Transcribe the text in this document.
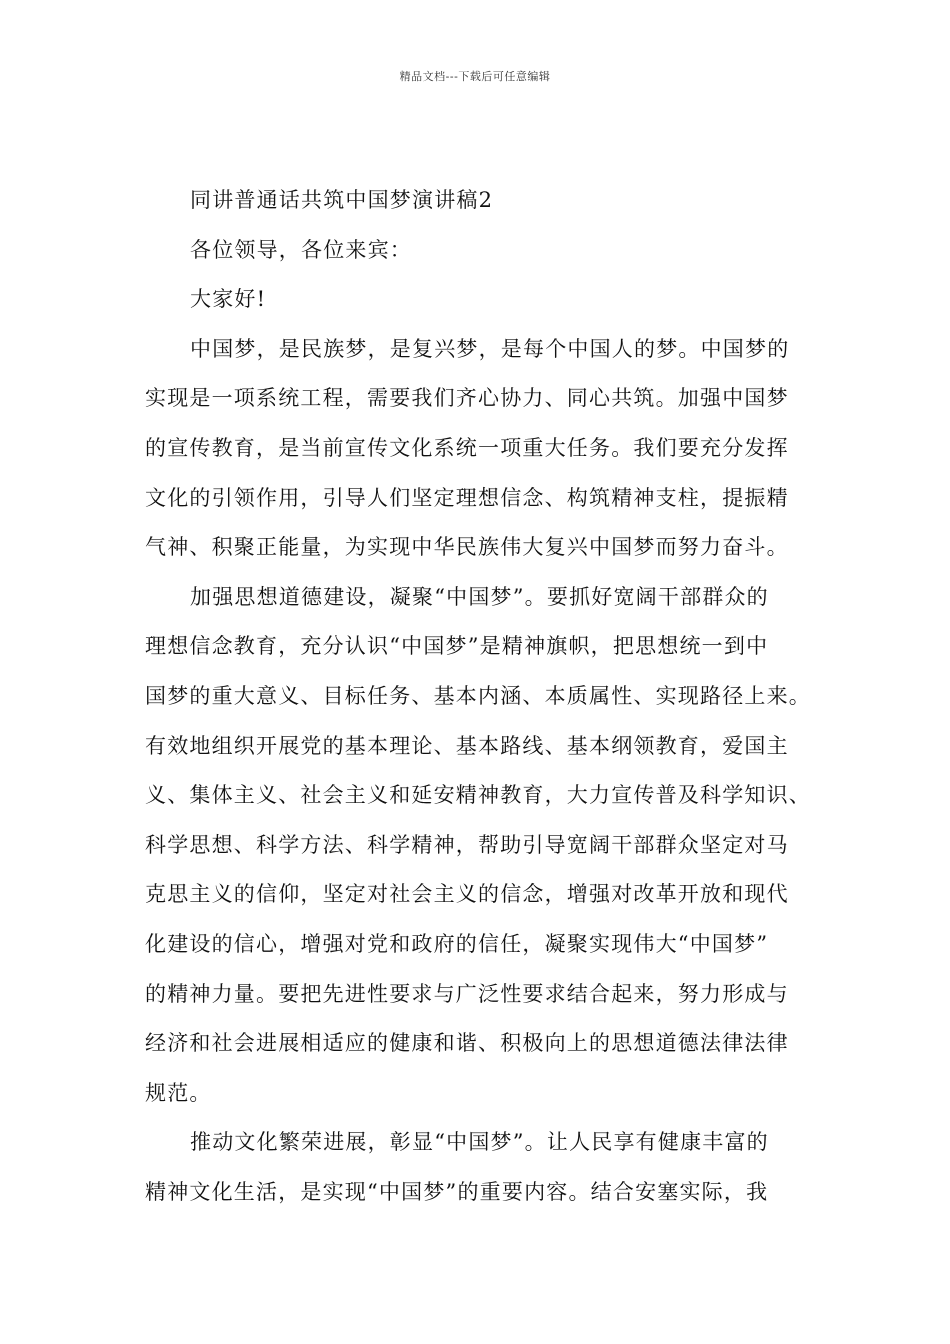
精品文档---下载后可任意编辑
同讲普通话共筑中国梦演讲稿2
各位领导，各位来宾：
大家好!
中国梦，是民族梦，是复兴梦，是每个中国人的梦。中国梦的
实现是一项系统工程，需要我们齐心协力、同心共筑。加强中国梦
的宣传教育，是当前宣传文化系统一项重大任务。我们要充分发挥
文化的引领作用，引导人们坚定理想信念、构筑精神支柱，提振精
气神、积聚正能量，为实现中华民族伟大复兴中国梦而努力奋斗。
加强思想道德建设，凝聚“中国梦”。要抓好宽阔干部群众的
理想信念教育，充分认识“中国梦”是精神旗帜，把思想统一到中
国梦的重大意义、目标任务、基本内涵、本质属性、实现路径上来。
有效地组织开展党的基本理论、基本路线、基本纲领教育，爱国主
义、集体主义、社会主义和延安精神教育，大力宣传普及科学知识、
科学思想、科学方法、科学精神，帮助引导宽阔干部群众坚定对马
克思主义的信仰，坚定对社会主义的信念，增强对改革开放和现代
化建设的信心，增强对党和政府的信任，凝聚实现伟大“中国梦”
的精神力量。要把先进性要求与广泛性要求结合起来，努力形成与
经济和社会进展相适应的健康和谐、积极向上的思想道德法律法律
规范。
推动文化繁荣进展，彰显“中国梦”。让人民享有健康丰富的
精神文化生活，是实现“中国梦”的重要内容。结合安塞实际，我
